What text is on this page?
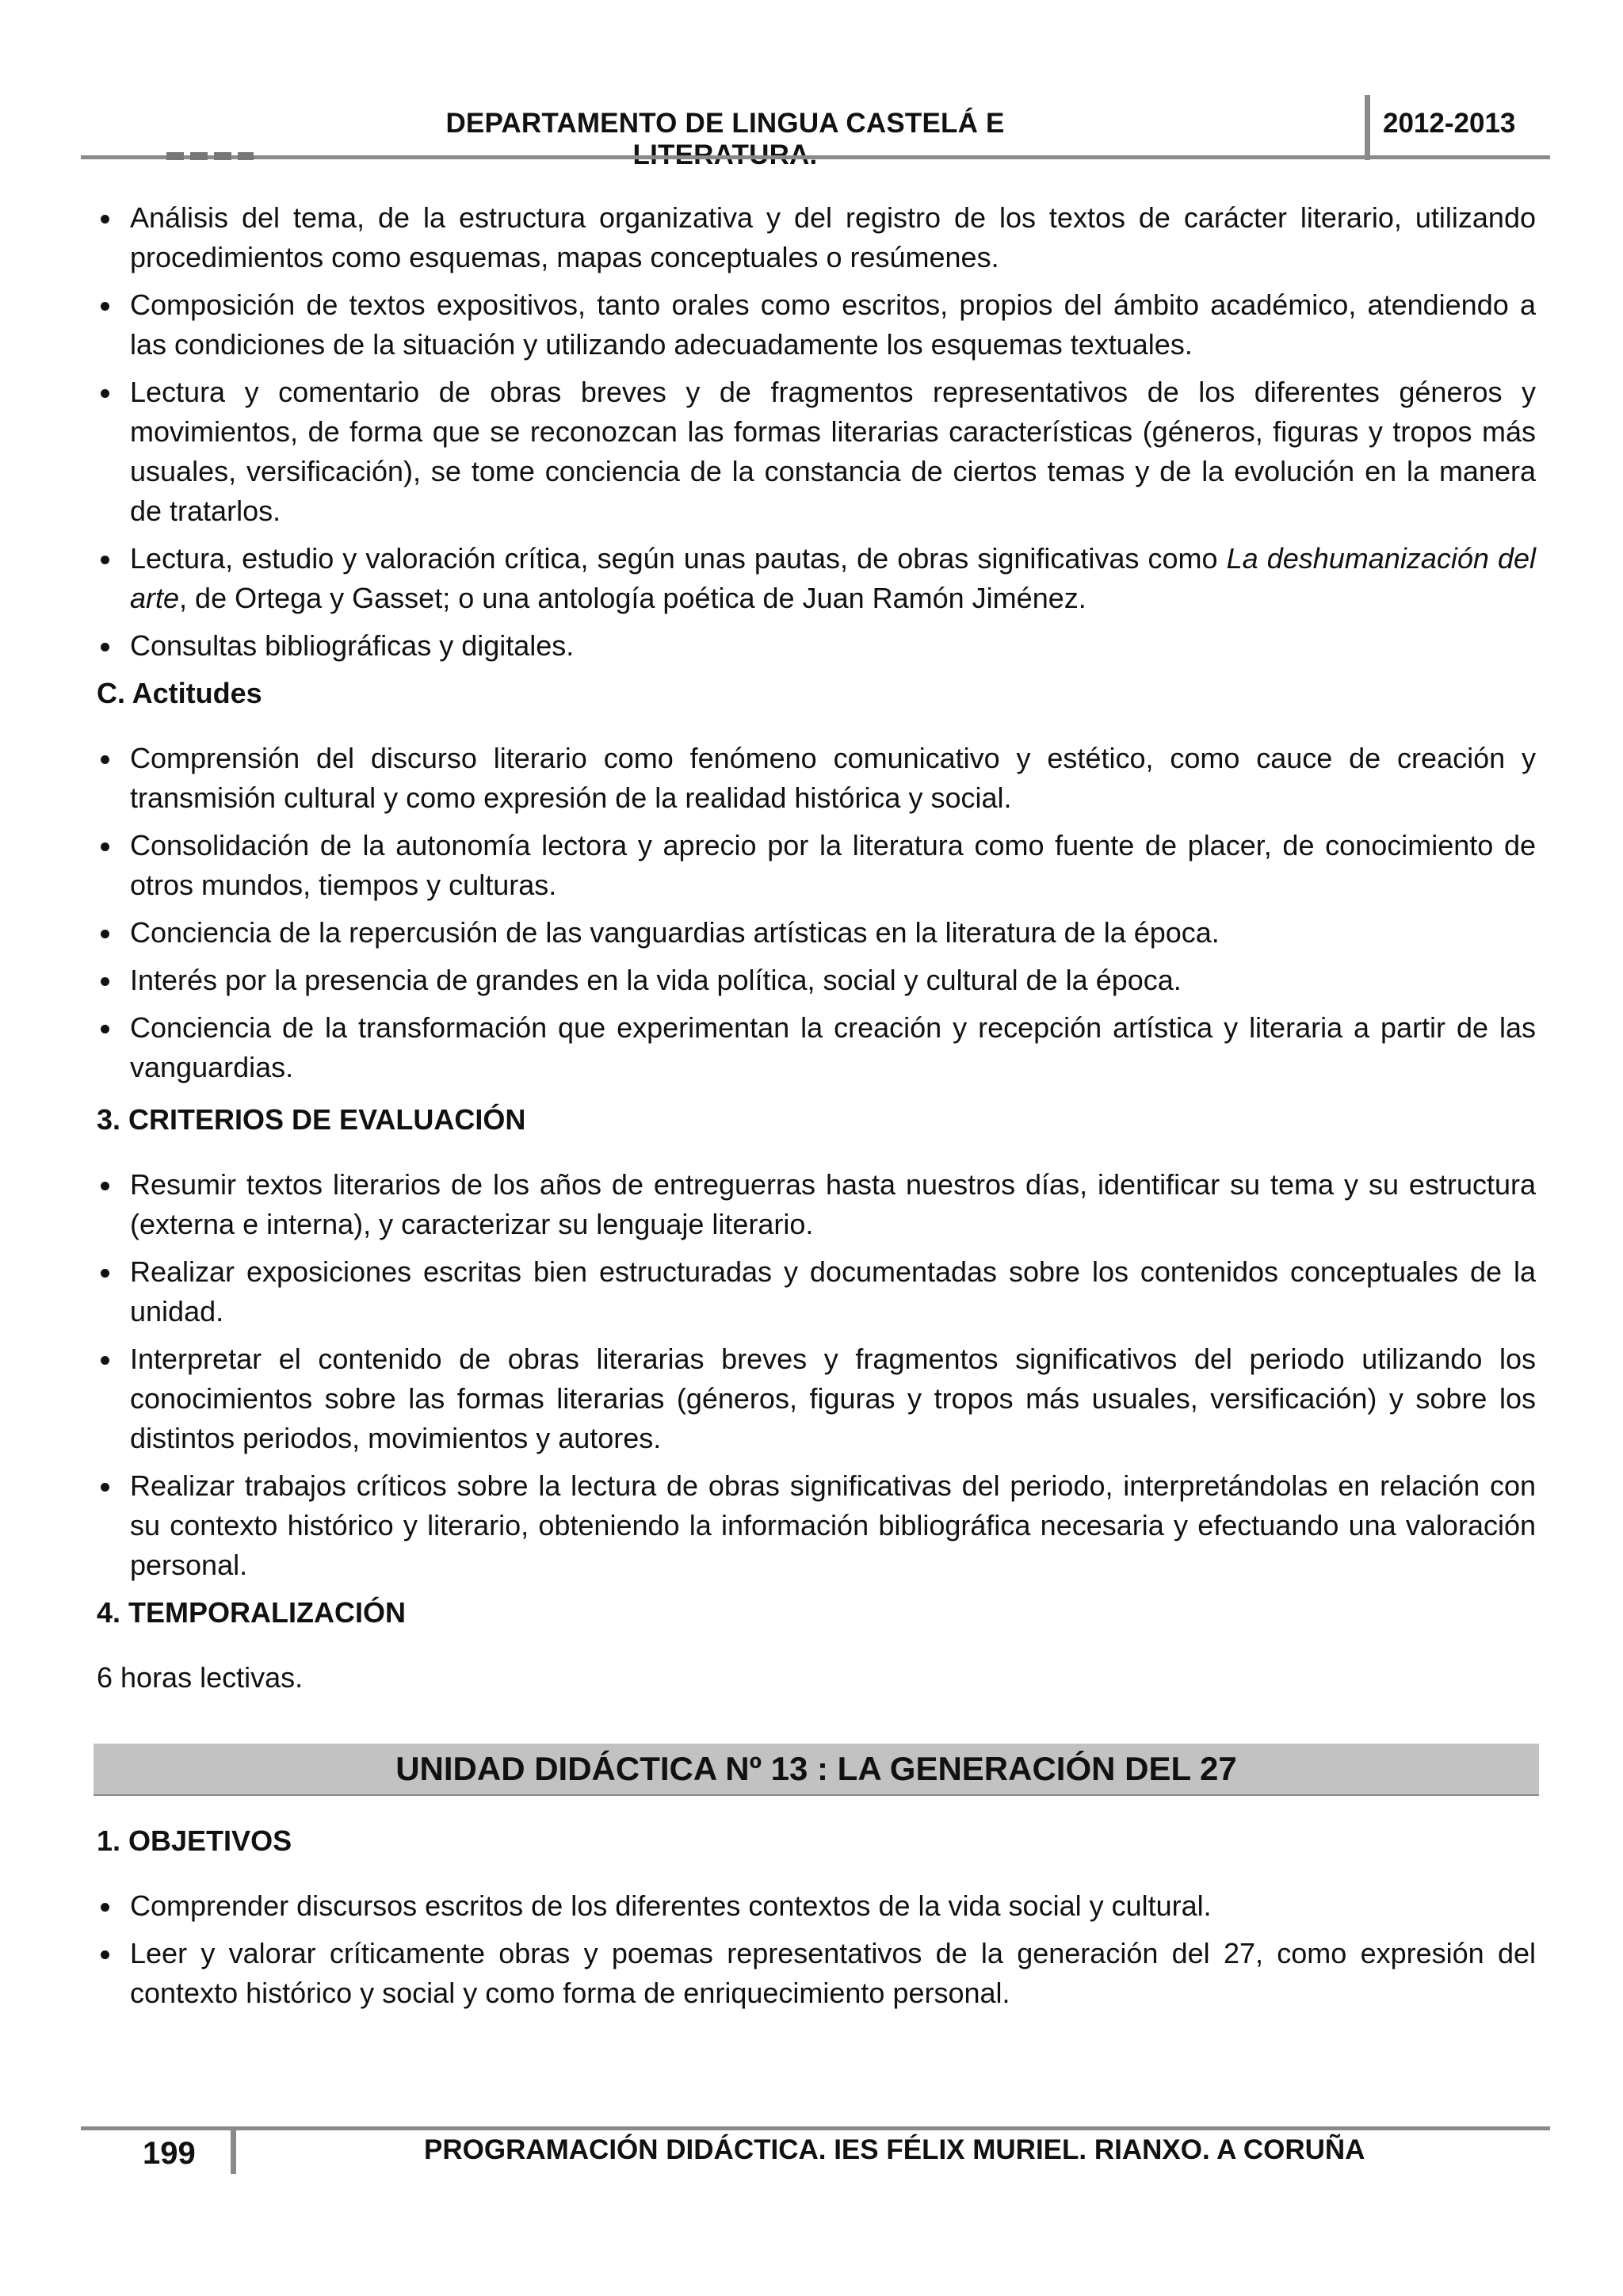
DEPARTAMENTO DE LINGUA CASTELÁ E	2012-2013
Análisis del tema, de la estructura organizativa y del registro de los textos de carácter literario, utilizando procedimientos como esquemas, mapas conceptuales o resúmenes.
Composición de textos expositivos, tanto orales como escritos, propios del ámbito académico, atendiendo a las condiciones de la situación y utilizando adecuadamente los esquemas textuales.
Lectura y comentario de obras breves y de fragmentos representativos de los diferentes géneros y movimientos, de forma que se reconozcan las formas literarias características (géneros, figuras y tropos más usuales, versificación), se tome conciencia de la constancia de ciertos temas y de la evolución en la manera de tratarlos.
Lectura, estudio y valoración crítica, según unas pautas, de obras significativas como La deshumanización del arte, de Ortega y Gasset; o una antología poética de Juan Ramón Jiménez.
Consultas bibliográficas y digitales.
C. Actitudes
Comprensión del discurso literario como fenómeno comunicativo y estético, como cauce de creación y transmisión cultural y como expresión de la realidad histórica y social.
Consolidación de la autonomía lectora y aprecio por la literatura como fuente de placer, de conocimiento de otros mundos, tiempos y culturas.
Conciencia de la repercusión de las vanguardias artísticas en la literatura de la época.
Interés por la presencia de grandes en la vida política, social y cultural de la época.
Conciencia de la transformación que experimentan la creación y recepción artística y literaria a partir de las vanguardias.
3. CRITERIOS DE EVALUACIÓN
Resumir textos literarios de los años de entreguerras hasta nuestros días, identificar su tema y su estructura (externa e interna), y caracterizar su lenguaje literario.
Realizar exposiciones escritas bien estructuradas y documentadas sobre los contenidos conceptuales de la unidad.
Interpretar el contenido de obras literarias breves y fragmentos significativos del periodo utilizando los conocimientos sobre las formas literarias (géneros, figuras y tropos más usuales, versificación) y sobre los distintos periodos, movimientos y autores.
Realizar trabajos críticos sobre la lectura de obras significativas del periodo, interpretándolas en relación con su contexto histórico y literario, obteniendo la información bibliográfica necesaria y efectuando una valoración personal.
4. TEMPORALIZACIÓN
6 horas lectivas.
UNIDAD DIDÁCTICA Nº 13 : LA GENERACIÓN DEL 27
1. OBJETIVOS
Comprender discursos escritos de los diferentes contextos de la vida social y cultural.
Leer y valorar críticamente obras y poemas representativos de la generación del 27, como expresión del contexto histórico y social y como forma de enriquecimiento personal.
199	PROGRAMACIÓN DIDÁCTICA. IES FÉLIX MURIEL. RIANXO. A CORUÑA
